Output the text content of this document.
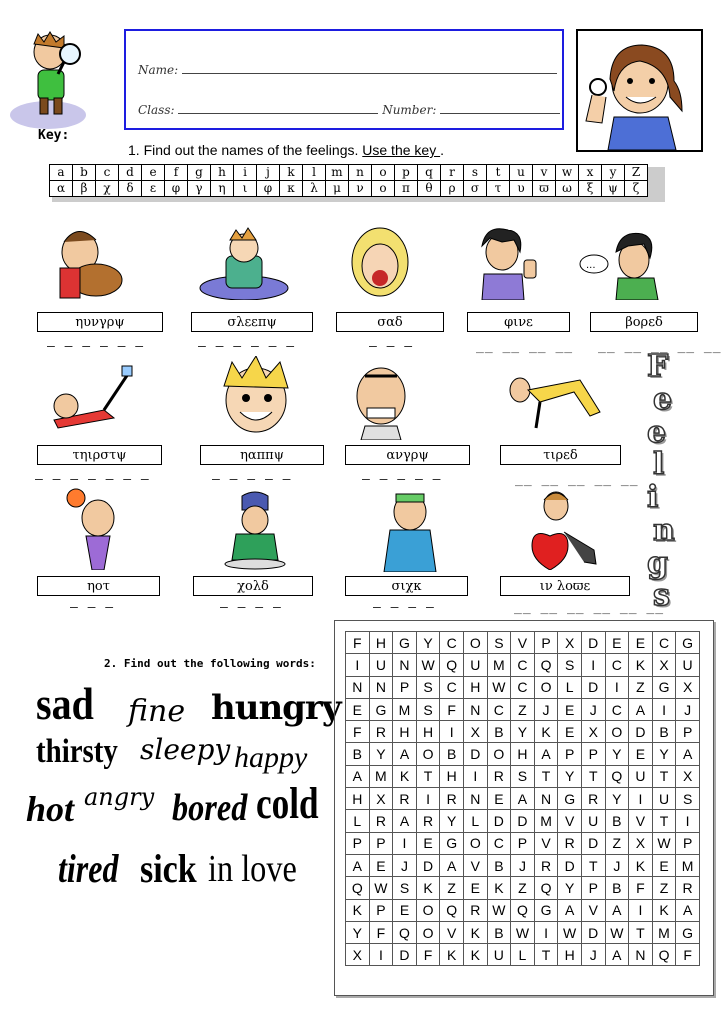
Name:
Class:	Number:
Key:
1. Find out the names of the feelings. Use the key .
a	b	c	d	e	f	g	h	i	j	k	l	m	n	o	p	q	r	s	t	u	v	w	x	y	Z
α	β	χ	δ	ε	φ	γ	η	ι	φ	κ	λ	μ	ν	ο	π	θ	ρ	σ	τ	υ	ϖ	ω	ξ	ψ	ζ
...
ηυνγρψ	σλεεπψ	σαδ	φινε	βορεδ
— — — — — —	— — — — — —	— — —	__ __ __ __ __ __ __ __ __
τηιρστψ	ηαππψ	ανγρψ	τιρεδ
— — — — — — —	— — — — —	— — — — —	__ __ __ __ __
ηοτ	χολδ	σιχκ	ιν λοϖε
— — —	— — — —	— — — —	__ __ __ __ __ __
F
e
e
l
i
n
g
s
2. Find out the following words:
sad fine hungry
thirsty sleepy happy
hot angry bored cold
tired sick in love
F	H	G	Y	C	O	S	V	P	X	D	E	E	C	G
I	U	N	W	Q	U	M	C	Q	S	I	C	K	X	U
N	N	P	S	C	H	W	C	O	L	D	I	Z	G	X
E	G	M	S	F	N	C	Z	J	E	J	C	A	I	J
F	R	H	H	I	X	B	Y	K	E	X	O	D	B	P
B	Y	A	O	B	D	O	H	A	P	P	Y	E	Y	A
A	M	K	T	H	I	R	S	T	Y	T	Q	U	T	X
H	X	R	I	R	N	E	A	N	G	R	Y	I	U	S
L	R	A	R	Y	L	D	D	M	V	U	B	V	T	I
P	P	I	E	G	O	C	P	V	R	D	Z	X	W	P
A	E	J	D	A	V	B	J	R	D	T	J	K	E	M
Q	W	S	K	Z	E	K	Z	Q	Y	P	B	F	Z	R
K	P	E	O	Q	R	W	Q	G	A	V	A	I	K	A
Y	F	Q	O	V	K	B	W	I	W	D	W	T	M	G
X	I	D	F	K	K	U	L	T	H	J	A	N	Q	F
